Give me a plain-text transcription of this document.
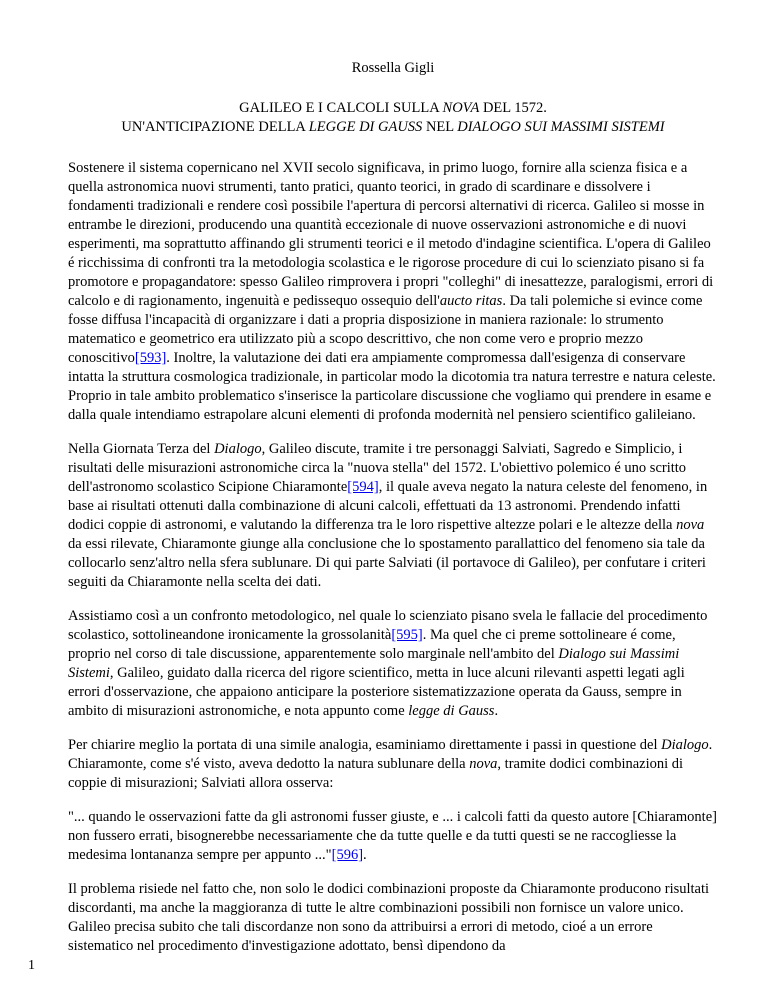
Rossella Gigli
GALILEO E I CALCOLI SULLA NOVA DEL 1572.
UN'ANTICIPAZIONE DELLA LEGGE DI GAUSS NEL DIALOGO SUI MASSIMI SISTEMI

Sostenere il sistema copernicano nel XVII secolo significava, in primo luogo, fornire alla scienza fisica e a quella astronomica nuovi strumenti, tanto pratici, quanto teorici, in grado di scardinare e dissolvere i fondamenti tradizionali e rendere così possibile l'apertura di percorsi alternativi di ricerca. Galileo si mosse in entrambe le direzioni, producendo una quantità eccezionale di nuove osservazioni astronomiche e di nuovi esperimenti, ma soprattutto affinando gli strumenti teorici e il metodo d'indagine scientifica. L'opera di Galileo é ricchissima di confronti tra la metodologia scolastica e le rigorose procedure di cui lo scienziato pisano si fa promotore e propagandatore: spesso Galileo rimprovera i propri "colleghi" di inesattezze, paralogismi, errori di calcolo e di ragionamento, ingenuità e pedissequo ossequio dell'aucto ritas. Da tali polemiche si evince come fosse diffusa l'incapacità di organizzare i dati a propria disposizione in maniera razionale: lo strumento matematico e geometrico era utilizzato più a scopo descrittivo, che non come vero e proprio mezzo conoscitivo[593]. Inoltre, la valutazione dei dati era ampiamente compromessa dall'esigenza di conservare intatta la struttura cosmologica tradizionale, in particolar modo la dicotomia tra natura terrestre e natura celeste. Proprio in tale ambito problematico s'inserisce la particolare discussione che vogliamo qui prendere in esame e dalla quale intendiamo estrapolare alcuni elementi di profonda modernità nel pensiero scientifico galileiano.

Nella Giornata Terza del Dialogo, Galileo discute, tramite i tre personaggi Salviati, Sagredo e Simplicio, i risultati delle misurazioni astronomiche circa la "nuova stella" del 1572. L'obiettivo polemico é uno scritto dell'astronomo scolastico Scipione Chiaramonte[594], il quale aveva negato la natura celeste del fenomeno, in base ai risultati ottenuti dalla combinazione di alcuni calcoli, effettuati da 13 astronomi. Prendendo infatti dodici coppie di astronomi, e valutando la differenza tra le loro rispettive altezze polari e le altezze della nova da essi rilevate, Chiaramonte giunge alla conclusione che lo spostamento parallattico del fenomeno sia tale da collocarlo senz'altro nella sfera sublunare. Di qui parte Salviati (il portavoce di Galileo), per confutare i criteri seguiti da Chiaramonte nella scelta dei dati.

Assistiamo così a un confronto metodologico, nel quale lo scienziato pisano svela le fallacie del procedimento scolastico, sottolineandone ironicamente la grossolanità[595]. Ma quel che ci preme sottolineare é come, proprio nel corso di tale discussione, apparentemente solo marginale nell'ambito del Dialogo sui Massimi Sistemi, Galileo, guidato dalla ricerca del rigore scientifico, metta in luce alcuni rilevanti aspetti legati agli errori d'osservazione, che appaiono anticipare la posteriore sistematizzazione operata da Gauss, sempre in ambito di misurazioni astronomiche, e nota appunto come legge di Gauss.

Per chiarire meglio la portata di una simile analogia, esaminiamo direttamente i passi in questione del Dialogo. Chiaramonte, come s'é visto, aveva dedotto la natura sublunare della nova, tramite dodici combinazioni di coppie di misurazioni; Salviati allora osserva:

"... quando le osservazioni fatte da gli astronomi fusser giuste, e ... i calcoli fatti da questo autore [Chiaramonte] non fussero errati, bisognerebbe necessariamente che da tutte quelle e da tutti questi se ne raccogliesse la medesima lontananza sempre per appunto ..."[596].

Il problema risiede nel fatto che, non solo le dodici combinazioni proposte da Chiaramonte producono risultati discordanti, ma anche la maggioranza di tutte le altre combinazioni possibili non fornisce un valore unico. Galileo precisa subito che tali discordanze non sono da attribuirsi a errori di metodo, cioé a un errore sistematico nel procedimento d'investigazione adottato, bensì dipendono da

1
